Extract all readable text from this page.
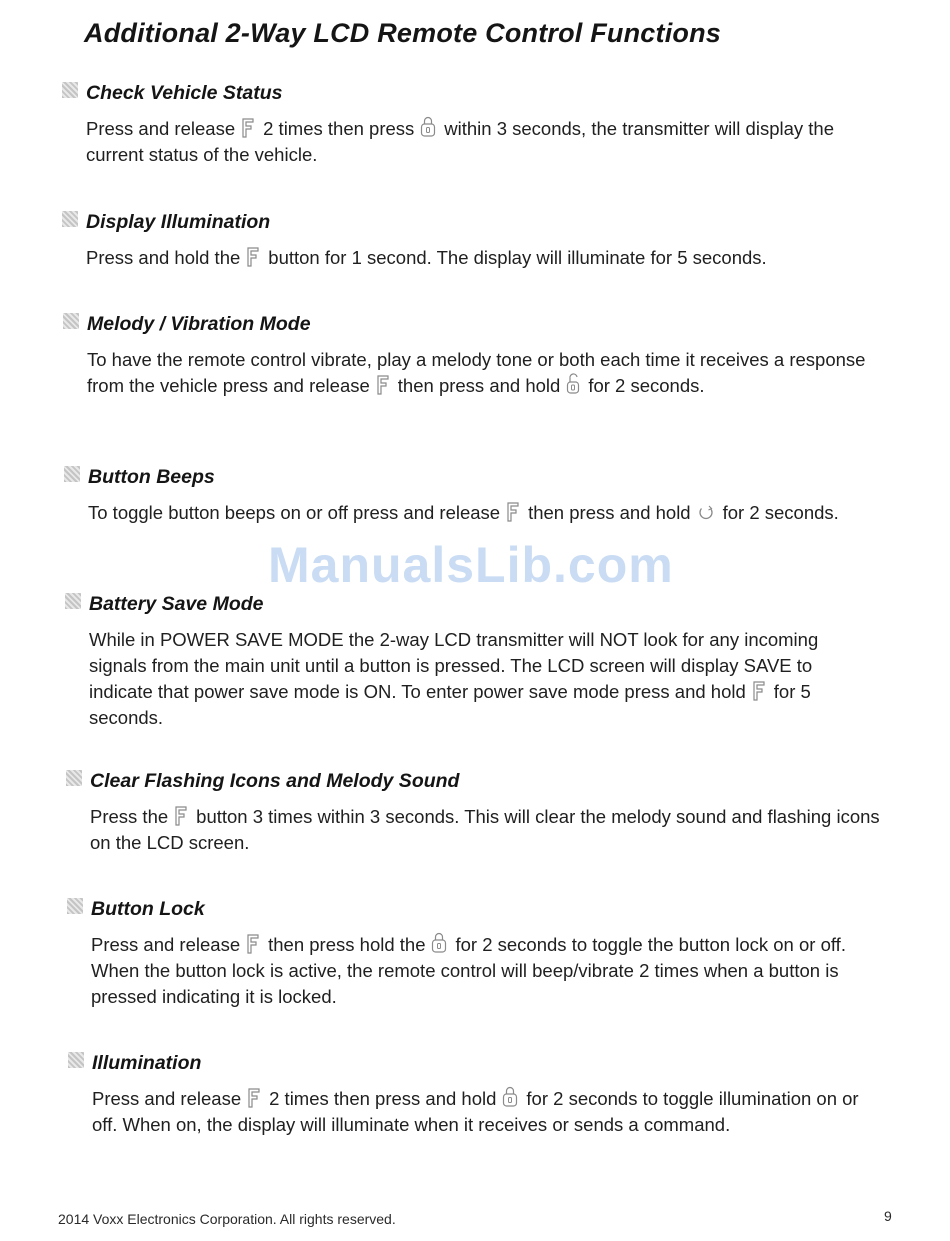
Additional 2-Way LCD Remote Control Functions
Check Vehicle Status

Press and release 2 times then press within 3 seconds, the transmitter will display the current status of the vehicle.

Display Illumination

Press and hold the button for 1 second. The display will illuminate for 5 seconds.

Melody / Vibration Mode

To have the remote control vibrate, play a melody tone or both each time it receives a response from the vehicle press and release then press and hold for 2 seconds.

Button Beeps

To toggle button beeps on or off press and release then press and hold for 2 seconds.

Battery Save Mode

While in POWER SAVE MODE the 2-way LCD transmitter will NOT look for any incoming signals from the main unit until a button is pressed. The LCD screen will display SAVE to indicate that power save mode is ON. To enter power save mode press and hold for 5 seconds.

Clear Flashing Icons and Melody Sound

Press the button 3 times within 3 seconds. This will clear the melody sound and flashing icons on the LCD screen.

Button Lock

Press and release then press hold the for 2 seconds to toggle the button lock on or off. When the button lock is active, the remote control will beep/vibrate 2 times when a button is pressed indicating it is locked.

Illumination

Press and release 2 times then press and hold for 2 seconds to toggle illumination on or off. When on, the display will illuminate when it receives or sends a command.

ManualsLib.com
2014 Voxx Electronics Corporation. All rights reserved.	9
